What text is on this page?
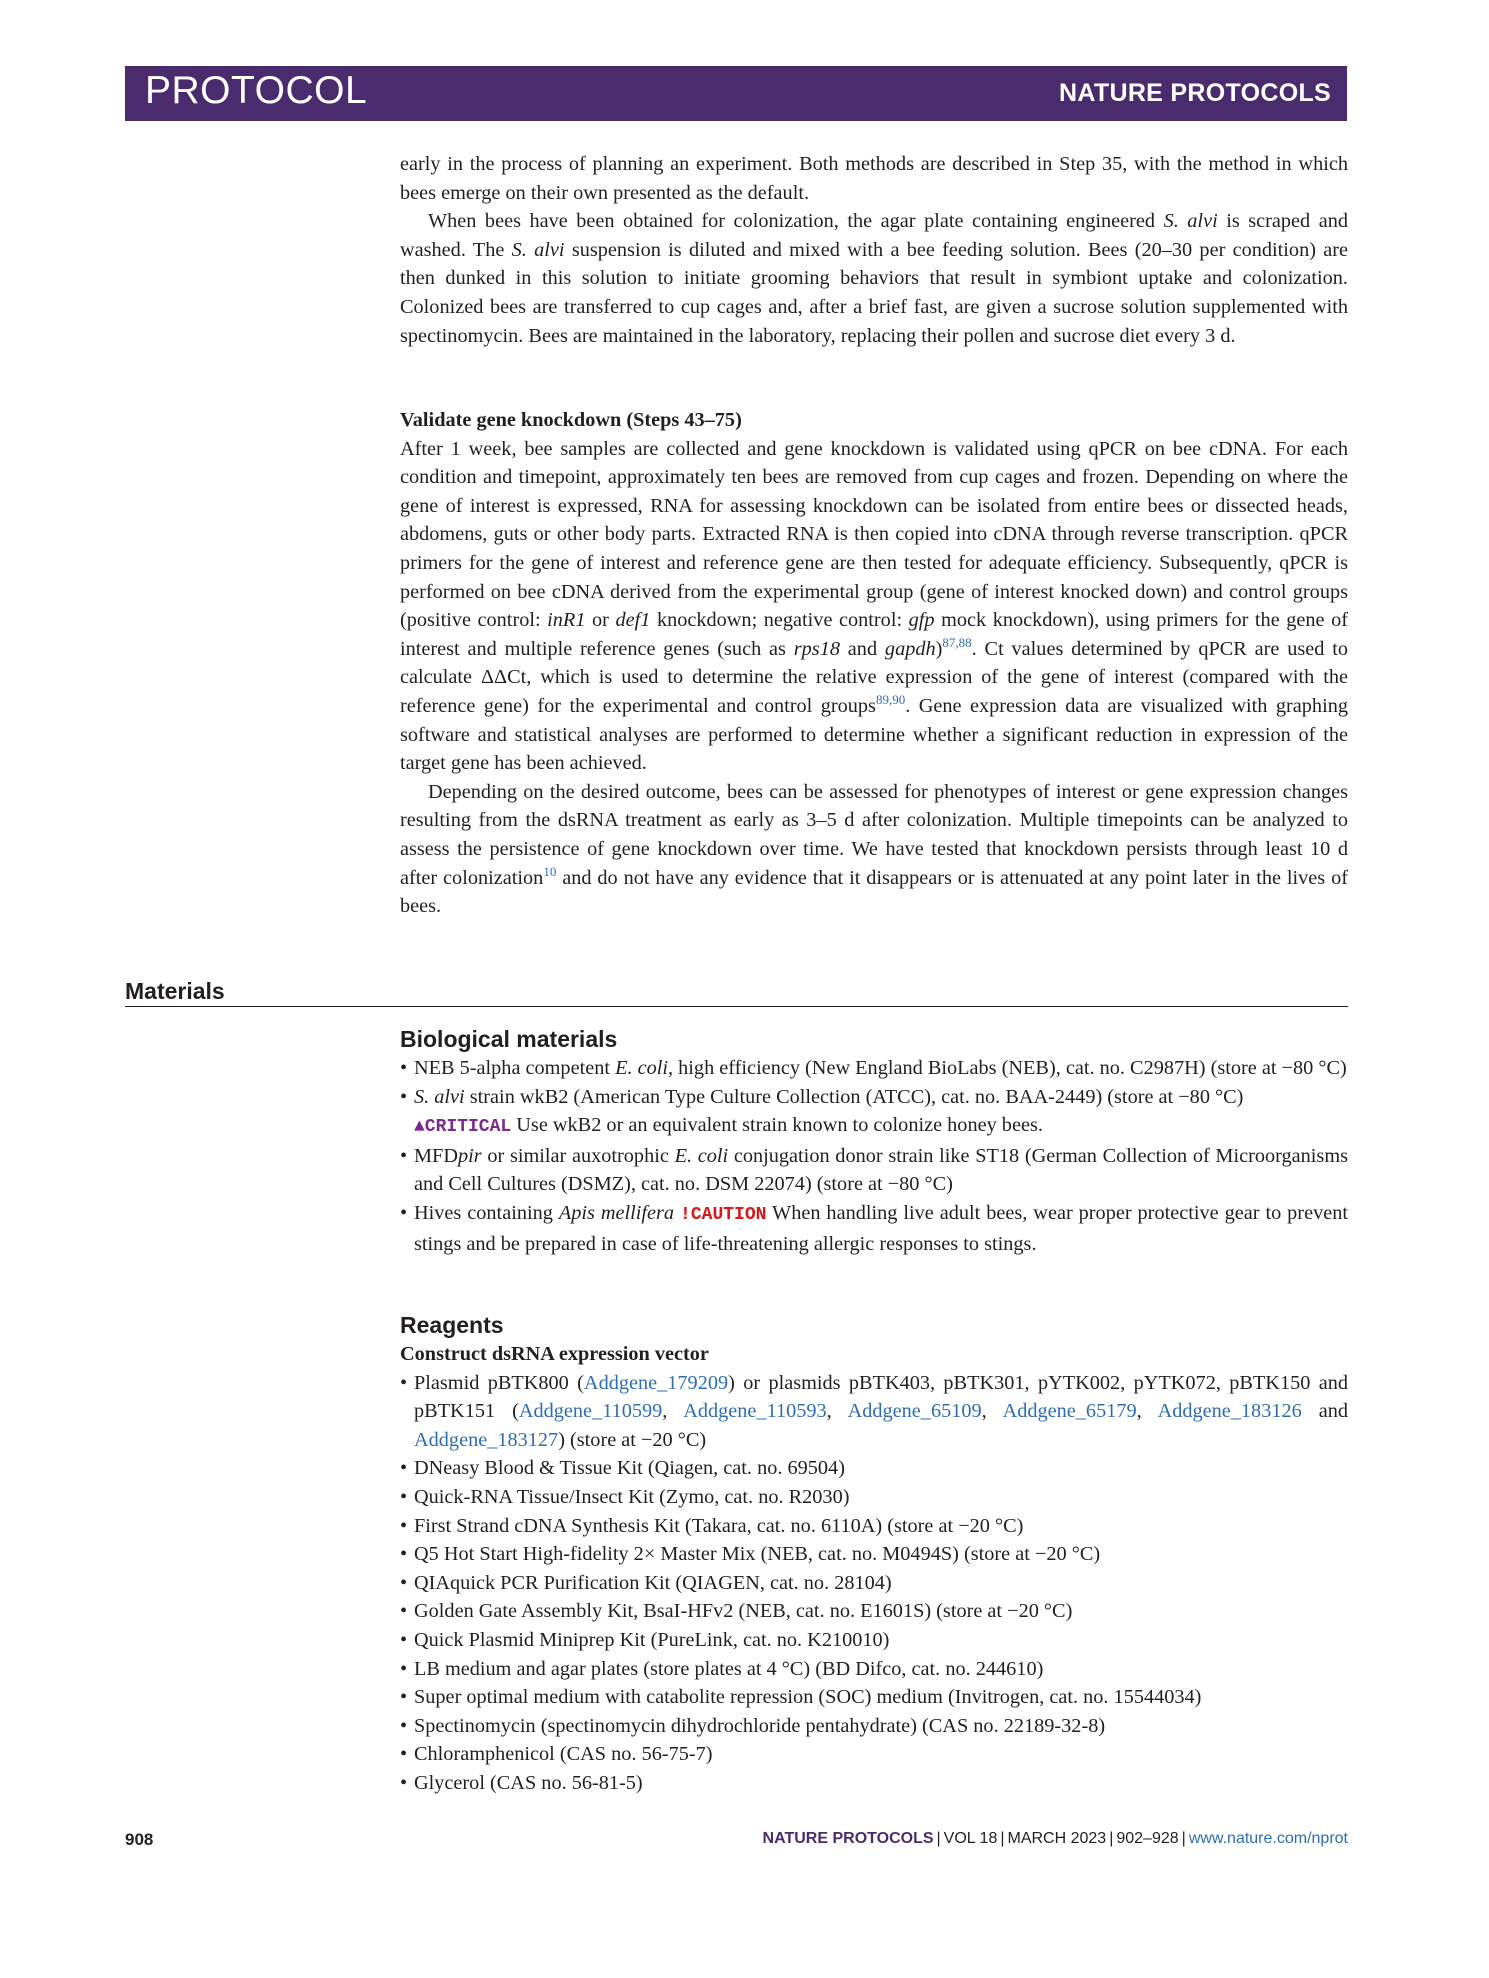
PROTOCOL	NATURE PROTOCOLS

early in the process of planning an experiment. Both methods are described in Step 35, with the method in which bees emerge on their own presented as the default.

When bees have been obtained for colonization, the agar plate containing engineered S. alvi is scraped and washed. The S. alvi suspension is diluted and mixed with a bee feeding solution. Bees (20–30 per condition) are then dunked in this solution to initiate grooming behaviors that result in symbiont uptake and colonization. Colonized bees are transferred to cup cages and, after a brief fast, are given a sucrose solution supplemented with spectinomycin. Bees are maintained in the laboratory, replacing their pollen and sucrose diet every 3 d.

Validate gene knockdown (Steps 43–75)

After 1 week, bee samples are collected and gene knockdown is validated using qPCR on bee cDNA. For each condition and timepoint, approximately ten bees are removed from cup cages and frozen. Depending on where the gene of interest is expressed, RNA for assessing knockdown can be isolated from entire bees or dissected heads, abdomens, guts or other body parts. Extracted RNA is then copied into cDNA through reverse transcription. qPCR primers for the gene of interest and reference gene are then tested for adequate efficiency. Subsequently, qPCR is performed on bee cDNA derived from the experimental group (gene of interest knocked down) and control groups (positive control: inR1 or def1 knockdown; negative control: gfp mock knockdown), using primers for the gene of interest and multiple reference genes (such as rps18 and gapdh)$^{87,88}$. Ct values determined by qPCR are used to calculate ΔΔCt, which is used to determine the relative expression of the gene of interest (compared with the reference gene) for the experimental and control groups$^{89,90}$. Gene expression data are visualized with graphing software and statistical analyses are performed to determine whether a significant reduction in expression of the target gene has been achieved.

Depending on the desired outcome, bees can be assessed for phenotypes of interest or gene expression changes resulting from the dsRNA treatment as early as 3–5 d after colonization. Multiple timepoints can be analyzed to assess the persistence of gene knockdown over time. We have tested that knockdown persists through least 10 d after colonization$^{10}$ and do not have any evidence that it disappears or is attenuated at any point later in the lives of bees.

Materials
Biological materials
• NEB 5-alpha competent E. coli, high efficiency (New England BioLabs (NEB), cat. no. C2987H) (store at −80 °C)
• S. alvi strain wkB2 (American Type Culture Collection (ATCC), cat. no. BAA-2449) (store at −80 °C)
▲CRITICAL Use wkB2 or an equivalent strain known to colonize honey bees.
• MFDpir or similar auxotrophic E. coli conjugation donor strain like ST18 (German Collection of Microorganisms and Cell Cultures (DSMZ), cat. no. DSM 22074) (store at −80 °C)
• Hives containing Apis mellifera !CAUTION When handling live adult bees, wear proper protective gear to prevent stings and be prepared in case of life-threatening allergic responses to stings.
Reagents
Construct dsRNA expression vector
• Plasmid pBTK800 (Addgene_179209) or plasmids pBTK403, pBTK301, pYTK002, pYTK072, pBTK150 and pBTK151 (Addgene_110599, Addgene_110593, Addgene_65109, Addgene_65179, Addgene_183126 and Addgene_183127) (store at −20 °C)
• DNeasy Blood & Tissue Kit (Qiagen, cat. no. 69504)
• Quick-RNA Tissue/Insect Kit (Zymo, cat. no. R2030)
• First Strand cDNA Synthesis Kit (Takara, cat. no. 6110A) (store at −20 °C)
• Q5 Hot Start High-fidelity 2× Master Mix (NEB, cat. no. M0494S) (store at −20 °C)
• QIAquick PCR Purification Kit (QIAGEN, cat. no. 28104)
• Golden Gate Assembly Kit, BsaI-HFv2 (NEB, cat. no. E1601S) (store at −20 °C)
• Quick Plasmid Miniprep Kit (PureLink, cat. no. K210010)
• LB medium and agar plates (store plates at 4 °C) (BD Difco, cat. no. 244610)
• Super optimal medium with catabolite repression (SOC) medium (Invitrogen, cat. no. 15544034)
• Spectinomycin (spectinomycin dihydrochloride pentahydrate) (CAS no. 22189-32-8)
• Chloramphenicol (CAS no. 56-75-7)
• Glycerol (CAS no. 56-81-5)
908	NATURE PROTOCOLS | VOL 18 | MARCH 2023 | 902–928 | www.nature.com/nprot
